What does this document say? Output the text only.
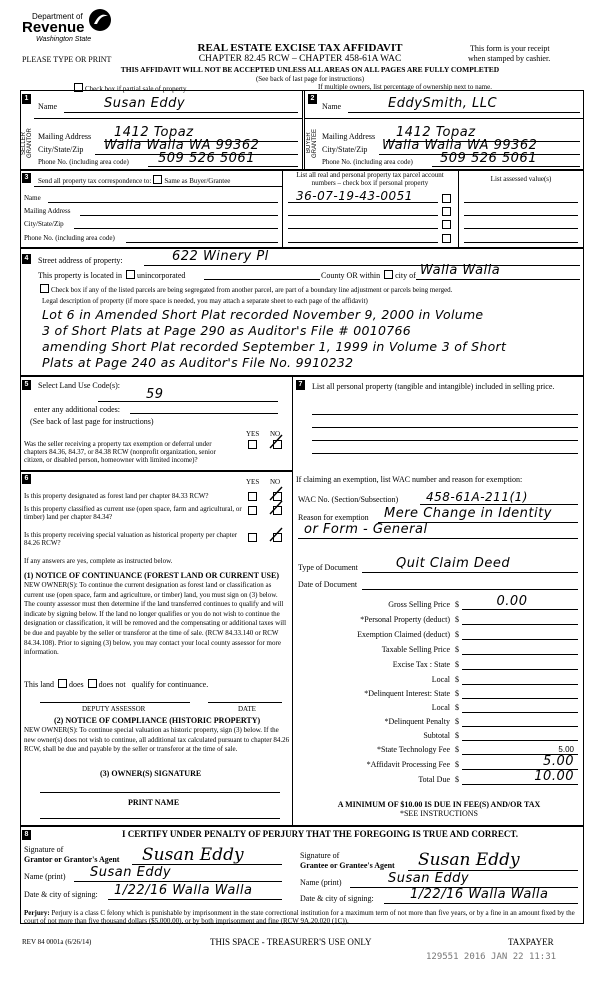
Department of
Revenue
Washington State
PLEASE TYPE OR PRINT
REAL ESTATE EXCISE TAX AFFIDAVIT
CHAPTER 82.45 RCW – CHAPTER 458-61A WAC
This form is your receipt
when stamped by cashier.
THIS AFFIDAVIT WILL NOT BE ACCEPTED UNLESS ALL AREAS ON ALL PAGES ARE FULLY COMPLETED
(See back of last page for instructions)
Check box if partial sale of property	If multiple owners, list percentage of ownership next to name.
1	2
SELLER GRANTOR	BUYER GRANTEE
Name	Susan Eddy
Mailing Address 1412 Topaz
City/State/Zip Walla Walla WA 99362
Phone No. (including area code) 509 526 5061
Name	EddySmith, LLC
Mailing Address 1412 Topaz
City/State/Zip Walla Walla WA 99362
Phone No. (including area code) 509 526 5061
3	Send all property tax correspondence to: Same as Buyer/Grantee
List all real and personal property tax parcel account numbers – check box if personal property	List assessed value(s)
Name
Mailing Address
City/State/Zip
Phone No. (including area code)
36-07-19-43-0051
4	Street address of property:	622 Winery Pl
This property is located in unincorporated	County OR within city of Walla Walla
Check box if any of the listed parcels are being segregated from another parcel, are part of a boundary line adjustment or parcels being merged.
Legal description of property (if more space is needed, you may attach a separate sheet to each page of the affidavit)
Lot 6 in Amended Short Plat recorded November 9, 2000 in Volume
3 of Short Plats at Page 290 as Auditor's File # 0010766
amending Short Plat recorded September 1, 1999 in Volume 3 of Short
Plats at Page 240 as Auditor's File No. 9910232
5	Select Land Use Code(s):
59
enter any additional codes:
(See back of last page for instructions)
YES NO
Was the seller receiving a property tax exemption or deferral under chapters 84.36, 84.37, or 84.38 RCW (nonprofit organization, senior citizen, or disabled person, homeowner with limited income)?
6	YES NO
Is this property designated as forest land per chapter 84.33 RCW?
Is this property classified as current use (open space, farm and agricultural, or timber) land per chapter 84.34?
Is this property receiving special valuation as historical property per chapter 84.26 RCW?
If any answers are yes, complete as instructed below.
(1) NOTICE OF CONTINUANCE (FOREST LAND OR CURRENT USE)
NEW OWNER(S): To continue the current designation as forest land or classification as current use (open space, farm and agriculture, or timber) land, you must sign on (3) below. The county assessor must then determine if the land transferred continues to qualify and will indicate by signing below. If the land no longer qualifies or you do not wish to continue the designation or classification, it will be removed and the compensating or additional taxes will be due and payable by the seller or transferor at the time of sale. (RCW 84.33.140 or RCW 84.34.108). Prior to signing (3) below, you may contact your local county assessor for more information.
This land does does not qualify for continuance.
DEPUTY ASSESSOR	DATE
(2) NOTICE OF COMPLIANCE (HISTORIC PROPERTY)
NEW OWNER(S): To continue special valuation as historic property, sign (3) below. If the new owner(s) does not wish to continue, all additional tax calculated pursuant to chapter 84.26 RCW, shall be due and payable by the seller or transferor at the time of sale.
(3) OWNER(S) SIGNATURE
PRINT NAME
7	List all personal property (tangible and intangible) included in selling price.
If claiming an exemption, list WAC number and reason for exemption:
WAC No. (Section/Subsection) 458-61A-211(1)
Reason for exemption Mere Change in Identity
or Form - General
Type of Document	Quit Claim Deed
Date of Document
Gross Selling Price $	0.00
*Personal Property (deduct) $
Exemption Claimed (deduct) $
Taxable Selling Price $
Excise Tax : State $
Local $
*Delinquent Interest: State $
Local $
*Delinquent Penalty $
Subtotal $
*State Technology Fee $	5.00
*Affidavit Processing Fee $	5.00
Total Due $	10.00
A MINIMUM OF $10.00 IS DUE IN FEE(S) AND/OR TAX
*SEE INSTRUCTIONS
8	I CERTIFY UNDER PENALTY OF PERJURY THAT THE FOREGOING IS TRUE AND CORRECT.
Signature of
Grantor or Grantor's Agent Susan Eddy
Name (print) Susan Eddy
Date & city of signing: 1/22/16 Walla Walla
Signature of
Grantee or Grantee's Agent Susan Eddy
Name (print)	Susan Eddy
Date & city of signing:	1/22/16 Walla Walla
Perjury: Perjury is a class C felony which is punishable by imprisonment in the state correctional institution for a maximum term of not more than five years, or by a fine in an amount fixed by the court of not more than five thousand dollars ($5,000.00), or by both imprisonment and fine (RCW 9A.20.020 (1C)).
REV 84 0001a (6/26/14)	THIS SPACE - TREASURER'S USE ONLY	TAXPAYER
129551 2016 JAN 22 11:31
